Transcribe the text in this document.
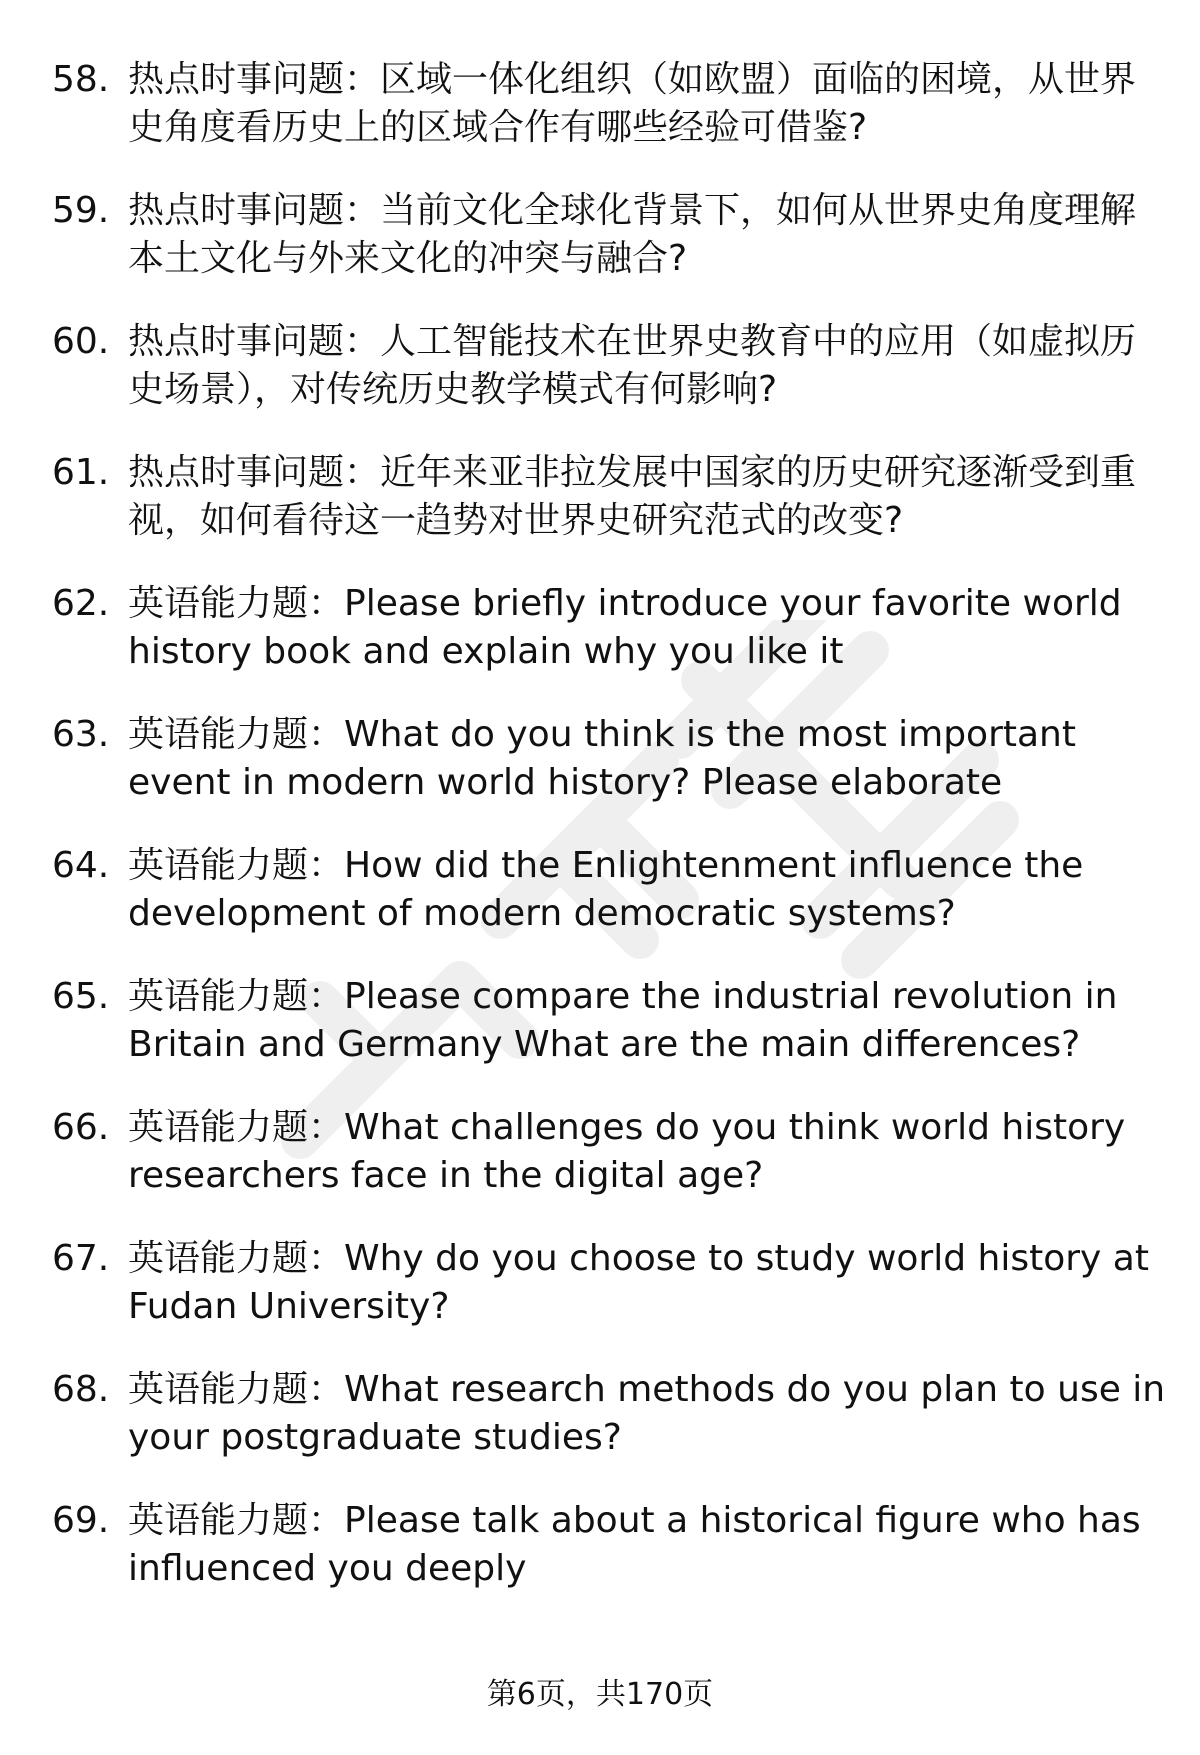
58. 热点时事问题：区域一体化组织（如欧盟）面临的困境，从世界史角度看历史上的区域合作有哪些经验可借鉴?
59. 热点时事问题：当前文化全球化背景下，如何从世界史角度理解本土文化与外来文化的冲突与融合?
60. 热点时事问题：人工智能技术在世界史教育中的应用（如虚拟历史场景），对传统历史教学模式有何影响?
61. 热点时事问题：近年来亚非拉发展中国家的历史研究逐渐受到重视，如何看待这一趋势对世界史研究范式的改变?
62. 英语能力题：Please briefly introduce your favorite world history book and explain why you like it
63. 英语能力题：What do you think is the most important event in modern world history? Please elaborate
64. 英语能力题：How did the Enlightenment influence the development of modern democratic systems?
65. 英语能力题：Please compare the industrial revolution in Britain and Germany What are the main differences?
66. 英语能力题：What challenges do you think world history researchers face in the digital age?
67. 英语能力题：Why do you choose to study world history at Fudan University?
68. 英语能力题：What research methods do you plan to use in your postgraduate studies?
69. 英语能力题：Please talk about a historical figure who has influenced you deeply
第6页，共170页
